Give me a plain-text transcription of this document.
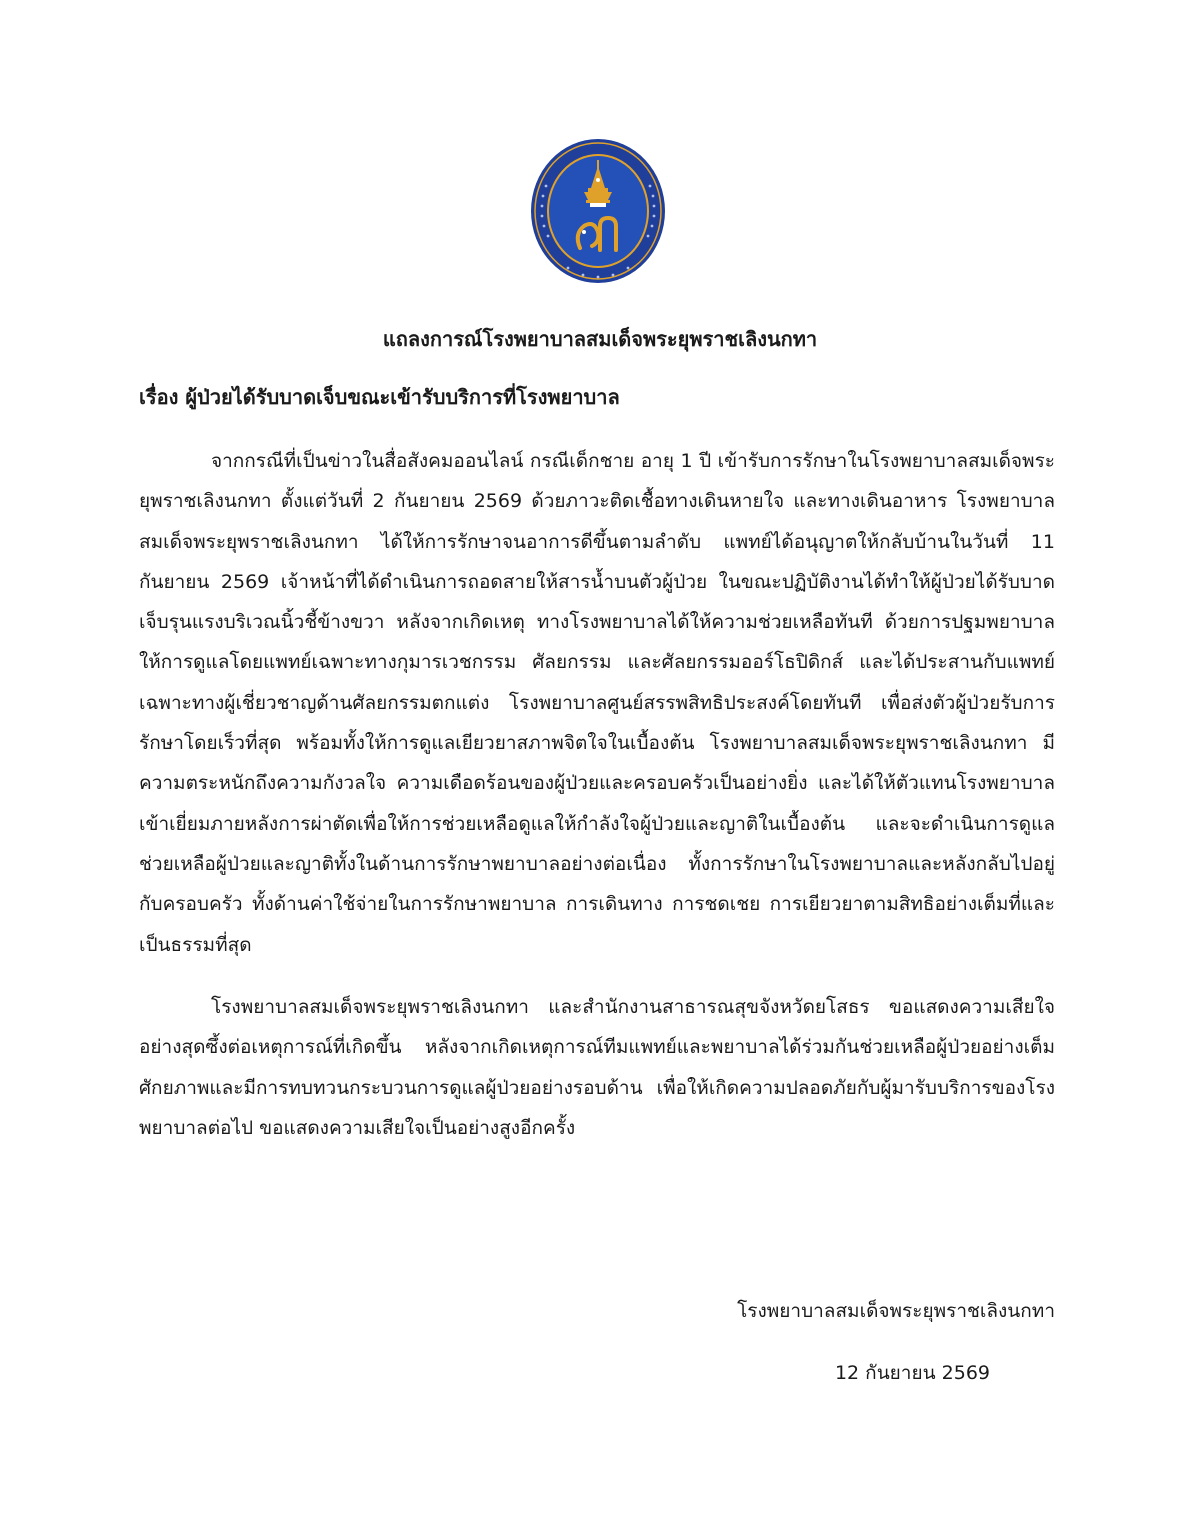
แถลงการณ์โรงพยาบาลสมเด็จพระยุพราชเลิงนกทา
เรื่อง ผู้ป่วยได้รับบาดเจ็บขณะเข้ารับบริการที่โรงพยาบาล

จากกรณีที่เป็นข่าวในสื่อสังคมออนไลน์ กรณีเด็กชาย อายุ 1 ปี เข้ารับการรักษาในโรงพยาบาลสมเด็จพระยุพราชเลิงนกทา ตั้งแต่วันที่ 2 กันยายน 2569 ด้วยภาวะติดเชื้อทางเดินหายใจ และทางเดินอาหาร โรงพยาบาลสมเด็จพระยุพราชเลิงนกทา ได้ให้การรักษาจนอาการดีขึ้นตามลำดับ แพทย์ได้อนุญาตให้กลับบ้านในวันที่ 11 กันยายน 2569 เจ้าหน้าที่ได้ดำเนินการถอดสายให้สารน้ำบนตัวผู้ป่วย ในขณะปฏิบัติงานได้ทำให้ผู้ป่วยได้รับบาดเจ็บรุนแรงบริเวณนิ้วชี้ข้างขวา หลังจากเกิดเหตุ ทางโรงพยาบาลได้ให้ความช่วยเหลือทันที ด้วยการปฐมพยาบาล ให้การดูแลโดยแพทย์เฉพาะทางกุมารเวชกรรม ศัลยกรรม และศัลยกรรมออร์โธปิดิกส์ และได้ประสานกับแพทย์เฉพาะทางผู้เชี่ยวชาญด้านศัลยกรรมตกแต่ง โรงพยาบาลศูนย์สรรพสิทธิประสงค์โดยทันที เพื่อส่งตัวผู้ป่วยรับการรักษาโดยเร็วที่สุด พร้อมทั้งให้การดูแลเยียวยาสภาพจิตใจในเบื้องต้น โรงพยาบาลสมเด็จพระยุพราชเลิงนกทา มีความตระหนักถึงความกังวลใจ ความเดือดร้อนของผู้ป่วยและครอบครัวเป็นอย่างยิ่ง และได้ให้ตัวแทนโรงพยาบาลเข้าเยี่ยมภายหลังการผ่าตัดเพื่อให้การช่วยเหลือดูแลให้กำลังใจผู้ป่วยและญาติในเบื้องต้น และจะดำเนินการดูแลช่วยเหลือผู้ป่วยและญาติทั้งในด้านการรักษาพยาบาลอย่างต่อเนื่อง ทั้งการรักษาในโรงพยาบาลและหลังกลับไปอยู่กับครอบครัว ทั้งด้านค่าใช้จ่ายในการรักษาพยาบาล การเดินทาง การชดเชย การเยียวยาตามสิทธิอย่างเต็มที่และเป็นธรรมที่สุด

โรงพยาบาลสมเด็จพระยุพราชเลิงนกทา และสำนักงานสาธารณสุขจังหวัดยโสธร ขอแสดงความเสียใจอย่างสุดซึ้งต่อเหตุการณ์ที่เกิดขึ้น หลังจากเกิดเหตุการณ์ทีมแพทย์และพยาบาลได้ร่วมกันช่วยเหลือผู้ป่วยอย่างเต็มศักยภาพและมีการทบทวนกระบวนการดูแลผู้ป่วยอย่างรอบด้าน เพื่อให้เกิดความปลอดภัยกับผู้มารับบริการของโรงพยาบาลต่อไป ขอแสดงความเสียใจเป็นอย่างสูงอีกครั้ง

โรงพยาบาลสมเด็จพระยุพราชเลิงนกทา
12 กันยายน 2569
